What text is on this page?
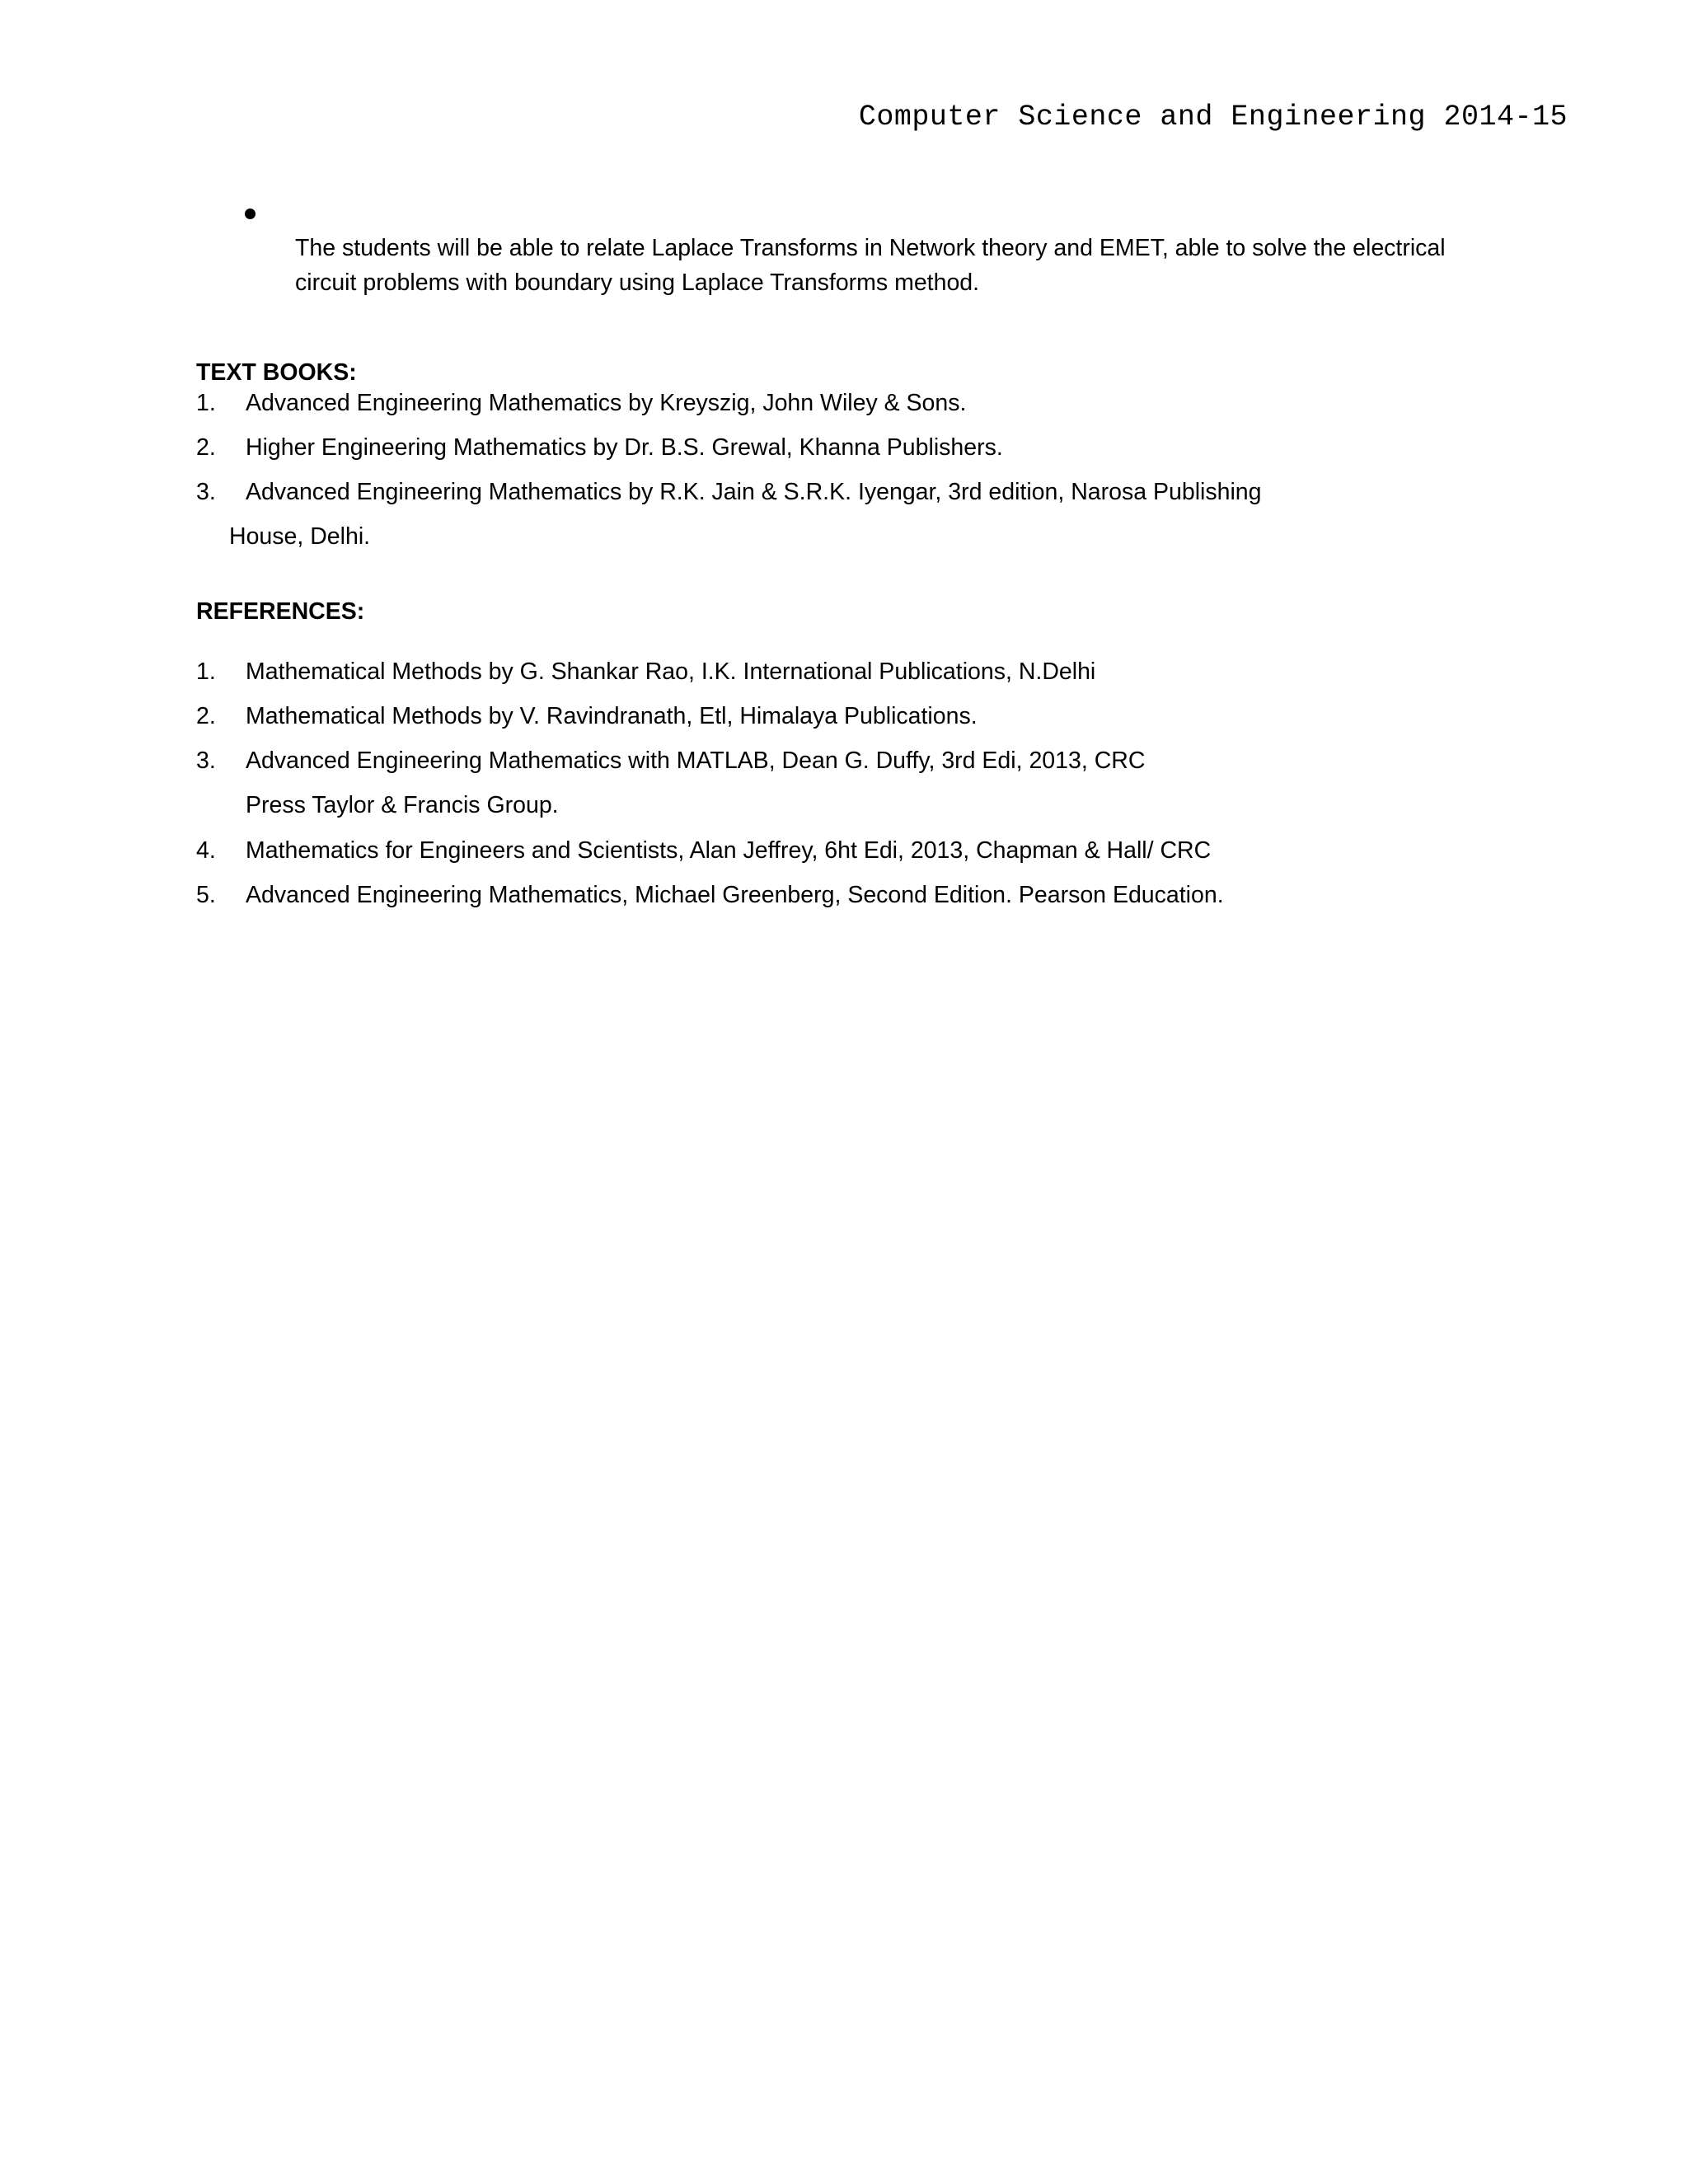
Computer Science and Engineering 2014-15
The students will be able to relate Laplace Transforms in Network theory and EMET, able to solve the electrical circuit problems with boundary using Laplace Transforms method.
TEXT BOOKS:
1. Advanced Engineering Mathematics by Kreyszig, John Wiley & Sons.
2. Higher Engineering Mathematics by Dr. B.S. Grewal, Khanna Publishers.
3. Advanced Engineering Mathematics by R.K. Jain & S.R.K. Iyengar, 3rd edition, Narosa Publishing
House, Delhi.
REFERENCES:
1. Mathematical Methods by G. Shankar Rao, I.K. International Publications, N.Delhi
2. Mathematical Methods by V. Ravindranath, Etl, Himalaya Publications.
3. Advanced Engineering Mathematics with MATLAB, Dean G. Duffy, 3rd Edi, 2013, CRC
Press Taylor & Francis Group.
4. Mathematics for Engineers and Scientists, Alan Jeffrey, 6ht Edi, 2013, Chapman & Hall/ CRC
5. Advanced Engineering Mathematics, Michael Greenberg, Second Edition. Pearson Education.
